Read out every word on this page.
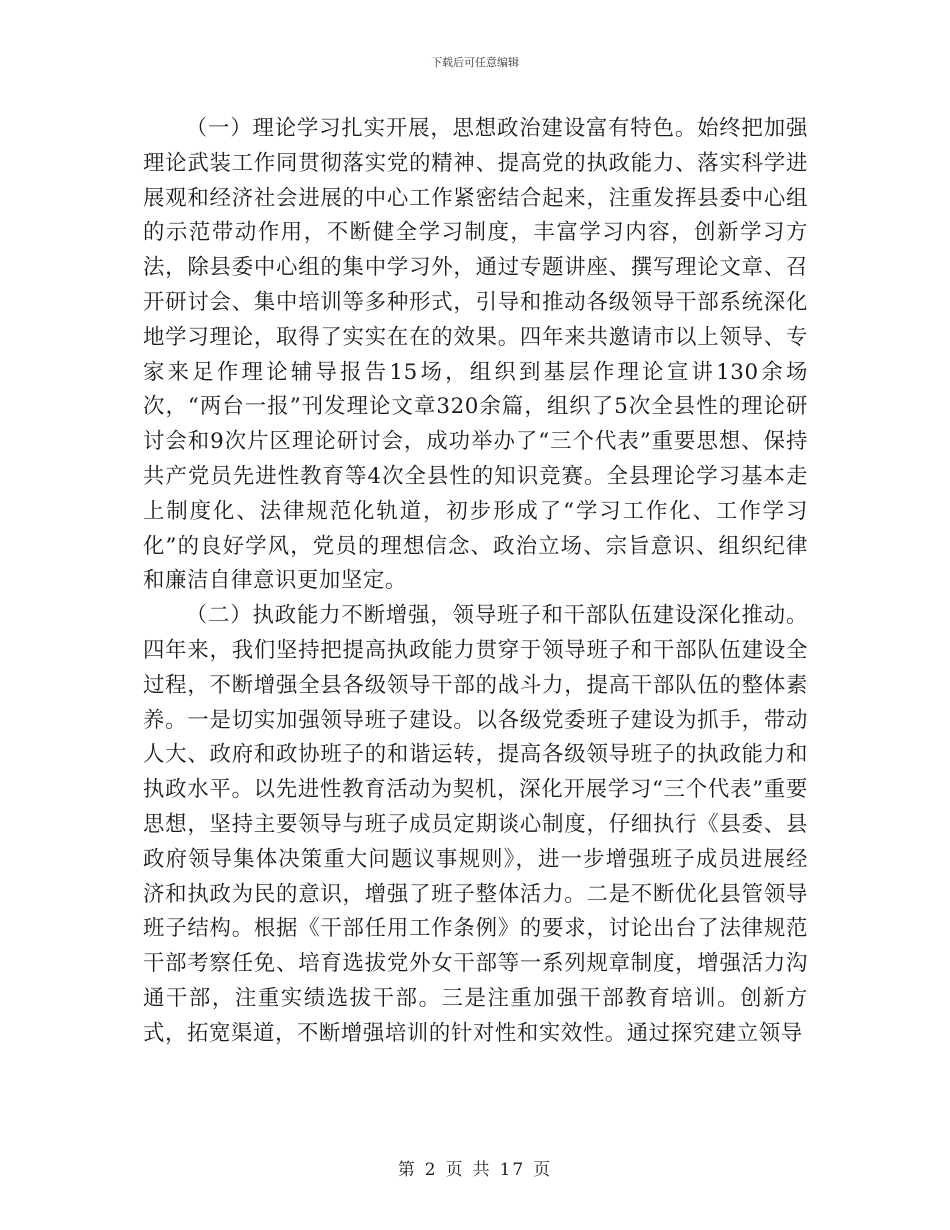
下载后可任意编辑

（一）理论学习扎实开展，思想政治建设富有特色。始终把加强理论武装工作同贯彻落实党的精神、提高党的执政能力、落实科学进展观和经济社会进展的中心工作紧密结合起来，注重发挥县委中心组的示范带动作用，不断健全学习制度，丰富学习内容，创新学习方法，除县委中心组的集中学习外，通过专题讲座、撰写理论文章、召开研讨会、集中培训等多种形式，引导和推动各级领导干部系统深化地学习理论，取得了实实在在的效果。四年来共邀请市以上领导、专家来足作理论辅导报告15场，组织到基层作理论宣讲130余场次，“两台一报”刊发理论文章320余篇，组织了5次全县性的理论研讨会和9次片区理论研讨会，成功举办了“三个代表”重要思想、保持共产党员先进性教育等4次全县性的知识竞赛。全县理论学习基本走上制度化、法律规范化轨道，初步形成了“学习工作化、工作学习化”的良好学风，党员的理想信念、政治立场、宗旨意识、组织纪律和廉洁自律意识更加坚定。

（二）执政能力不断增强，领导班子和干部队伍建设深化推动。四年来，我们坚持把提高执政能力贯穿于领导班子和干部队伍建设全过程，不断增强全县各级领导干部的战斗力，提高干部队伍的整体素养。一是切实加强领导班子建设。以各级党委班子建设为抓手，带动人大、政府和政协班子的和谐运转，提高各级领导班子的执政能力和执政水平。以先进性教育活动为契机，深化开展学习“三个代表”重要思想，坚持主要领导与班子成员定期谈心制度，仔细执行《县委、县政府领导集体决策重大问题议事规则》，进一步增强班子成员进展经济和执政为民的意识，增强了班子整体活力。二是不断优化县管领导班子结构。根据《干部任用工作条例》的要求，讨论出台了法律规范干部考察任免、培育选拔党外女干部等一系列规章制度，增强活力沟通干部，注重实绩选拔干部。三是注重加强干部教育培训。创新方式，拓宽渠道，不断增强培训的针对性和实效性。通过探究建立领导

第 2 页 共 17 页
